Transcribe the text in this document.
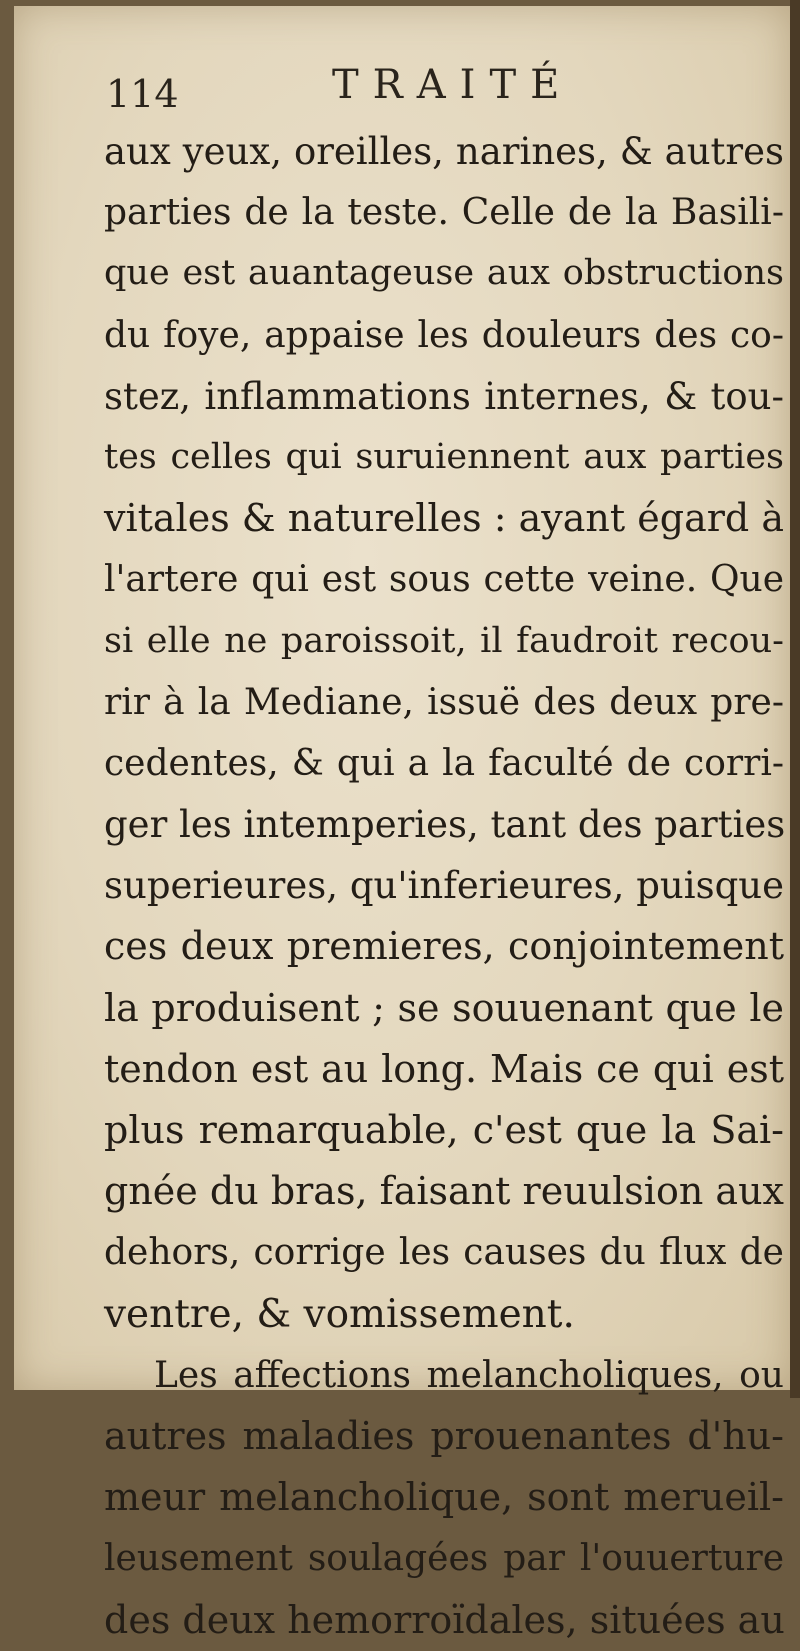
114	TRAITÉ
aux yeux, oreilles, narines, & autres
parties de la teste. Celle de la Basili-
que est auantageuse aux obstructions
du foye, appaise les douleurs des co-
stez, inflammations internes, & tou-
tes celles qui suruiennent aux parties
vitales & naturelles : ayant égard à
l'artere qui est sous cette veine. Que
si elle ne paroissoit, il faudroit recou-
rir à la Mediane, issuë des deux pre-
cedentes, & qui a la faculté de corri-
ger les intemperies, tant des parties
superieures, qu'inferieures, puisque
ces deux premieres, conjointement
la produisent ; se souuenant que le
tendon est au long. Mais ce qui est
plus remarquable, c'est que la Sai-
gnée du bras, faisant reuulsion aux
dehors, corrige les causes du flux de
ventre, & vomissement.
Les affections melancholiques, ou
autres maladies prouenantes d'hu-
meur melancholique, sont merueil-
leusement soulagées par l'ouuerture
des deux hemorroïdales, situées au
